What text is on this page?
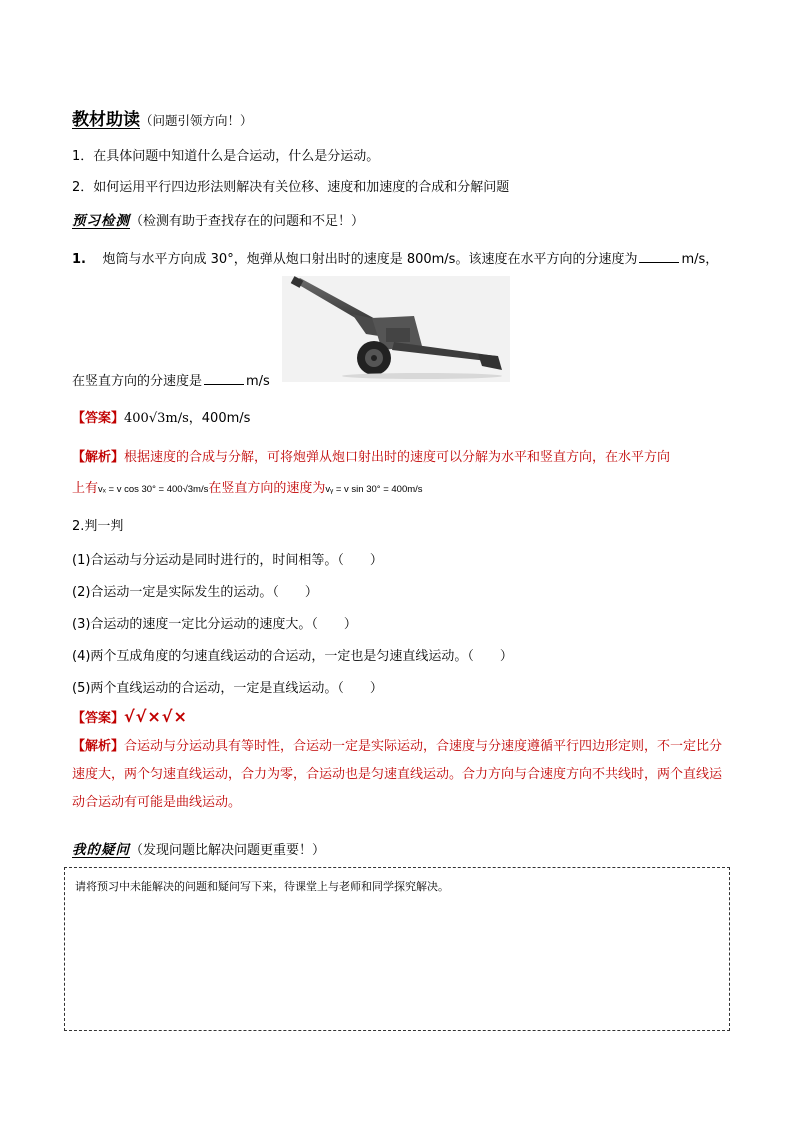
教材助读（问题引领方向！）
1．在具体问题中知道什么是合运动，什么是分运动。
2．如何运用平行四边形法则解决有关位移、速度和加速度的合成和分解问题
预习检测（检测有助于查找存在的问题和不足！）
1. 炮筒与水平方向成 30°，炮弹从炮口射出时的速度是 800m/s。该速度在水平方向的分速度为	m/s，
在竖直方向的分速度是	m/s
【答案】400√3m/s，400m/s
【解析】根据速度的合成与分解，可将炮弹从炮口射出时的速度可以分解为水平和竖直方向，在水平方向
上有vₓ = v cos 30° = 400√3m/s在竖直方向的速度为vᵧ = v sin 30° = 400m/s
2.判一判
(1)合运动与分运动是同时进行的，时间相等。（　　）
(2)合运动一定是实际发生的运动。（　　）
(3)合运动的速度一定比分运动的速度大。（　　）
(4)两个互成角度的匀速直线运动的合运动，一定也是匀速直线运动。（　　）
(5)两个直线运动的合运动，一定是直线运动。（　　）
【答案】√√×√×
【解析】合运动与分运动具有等时性，合运动一定是实际运动，合速度与分速度遵循平行四边形定则，不一定比分速度大，两个匀速直线运动，合力为零，合运动也是匀速直线运动。合力方向与合速度方向不共线时，两个直线运动合运动有可能是曲线运动。
我的疑问（发现问题比解决问题更重要！）
请将预习中未能解决的问题和疑问写下来，待课堂上与老师和同学探究解决。
